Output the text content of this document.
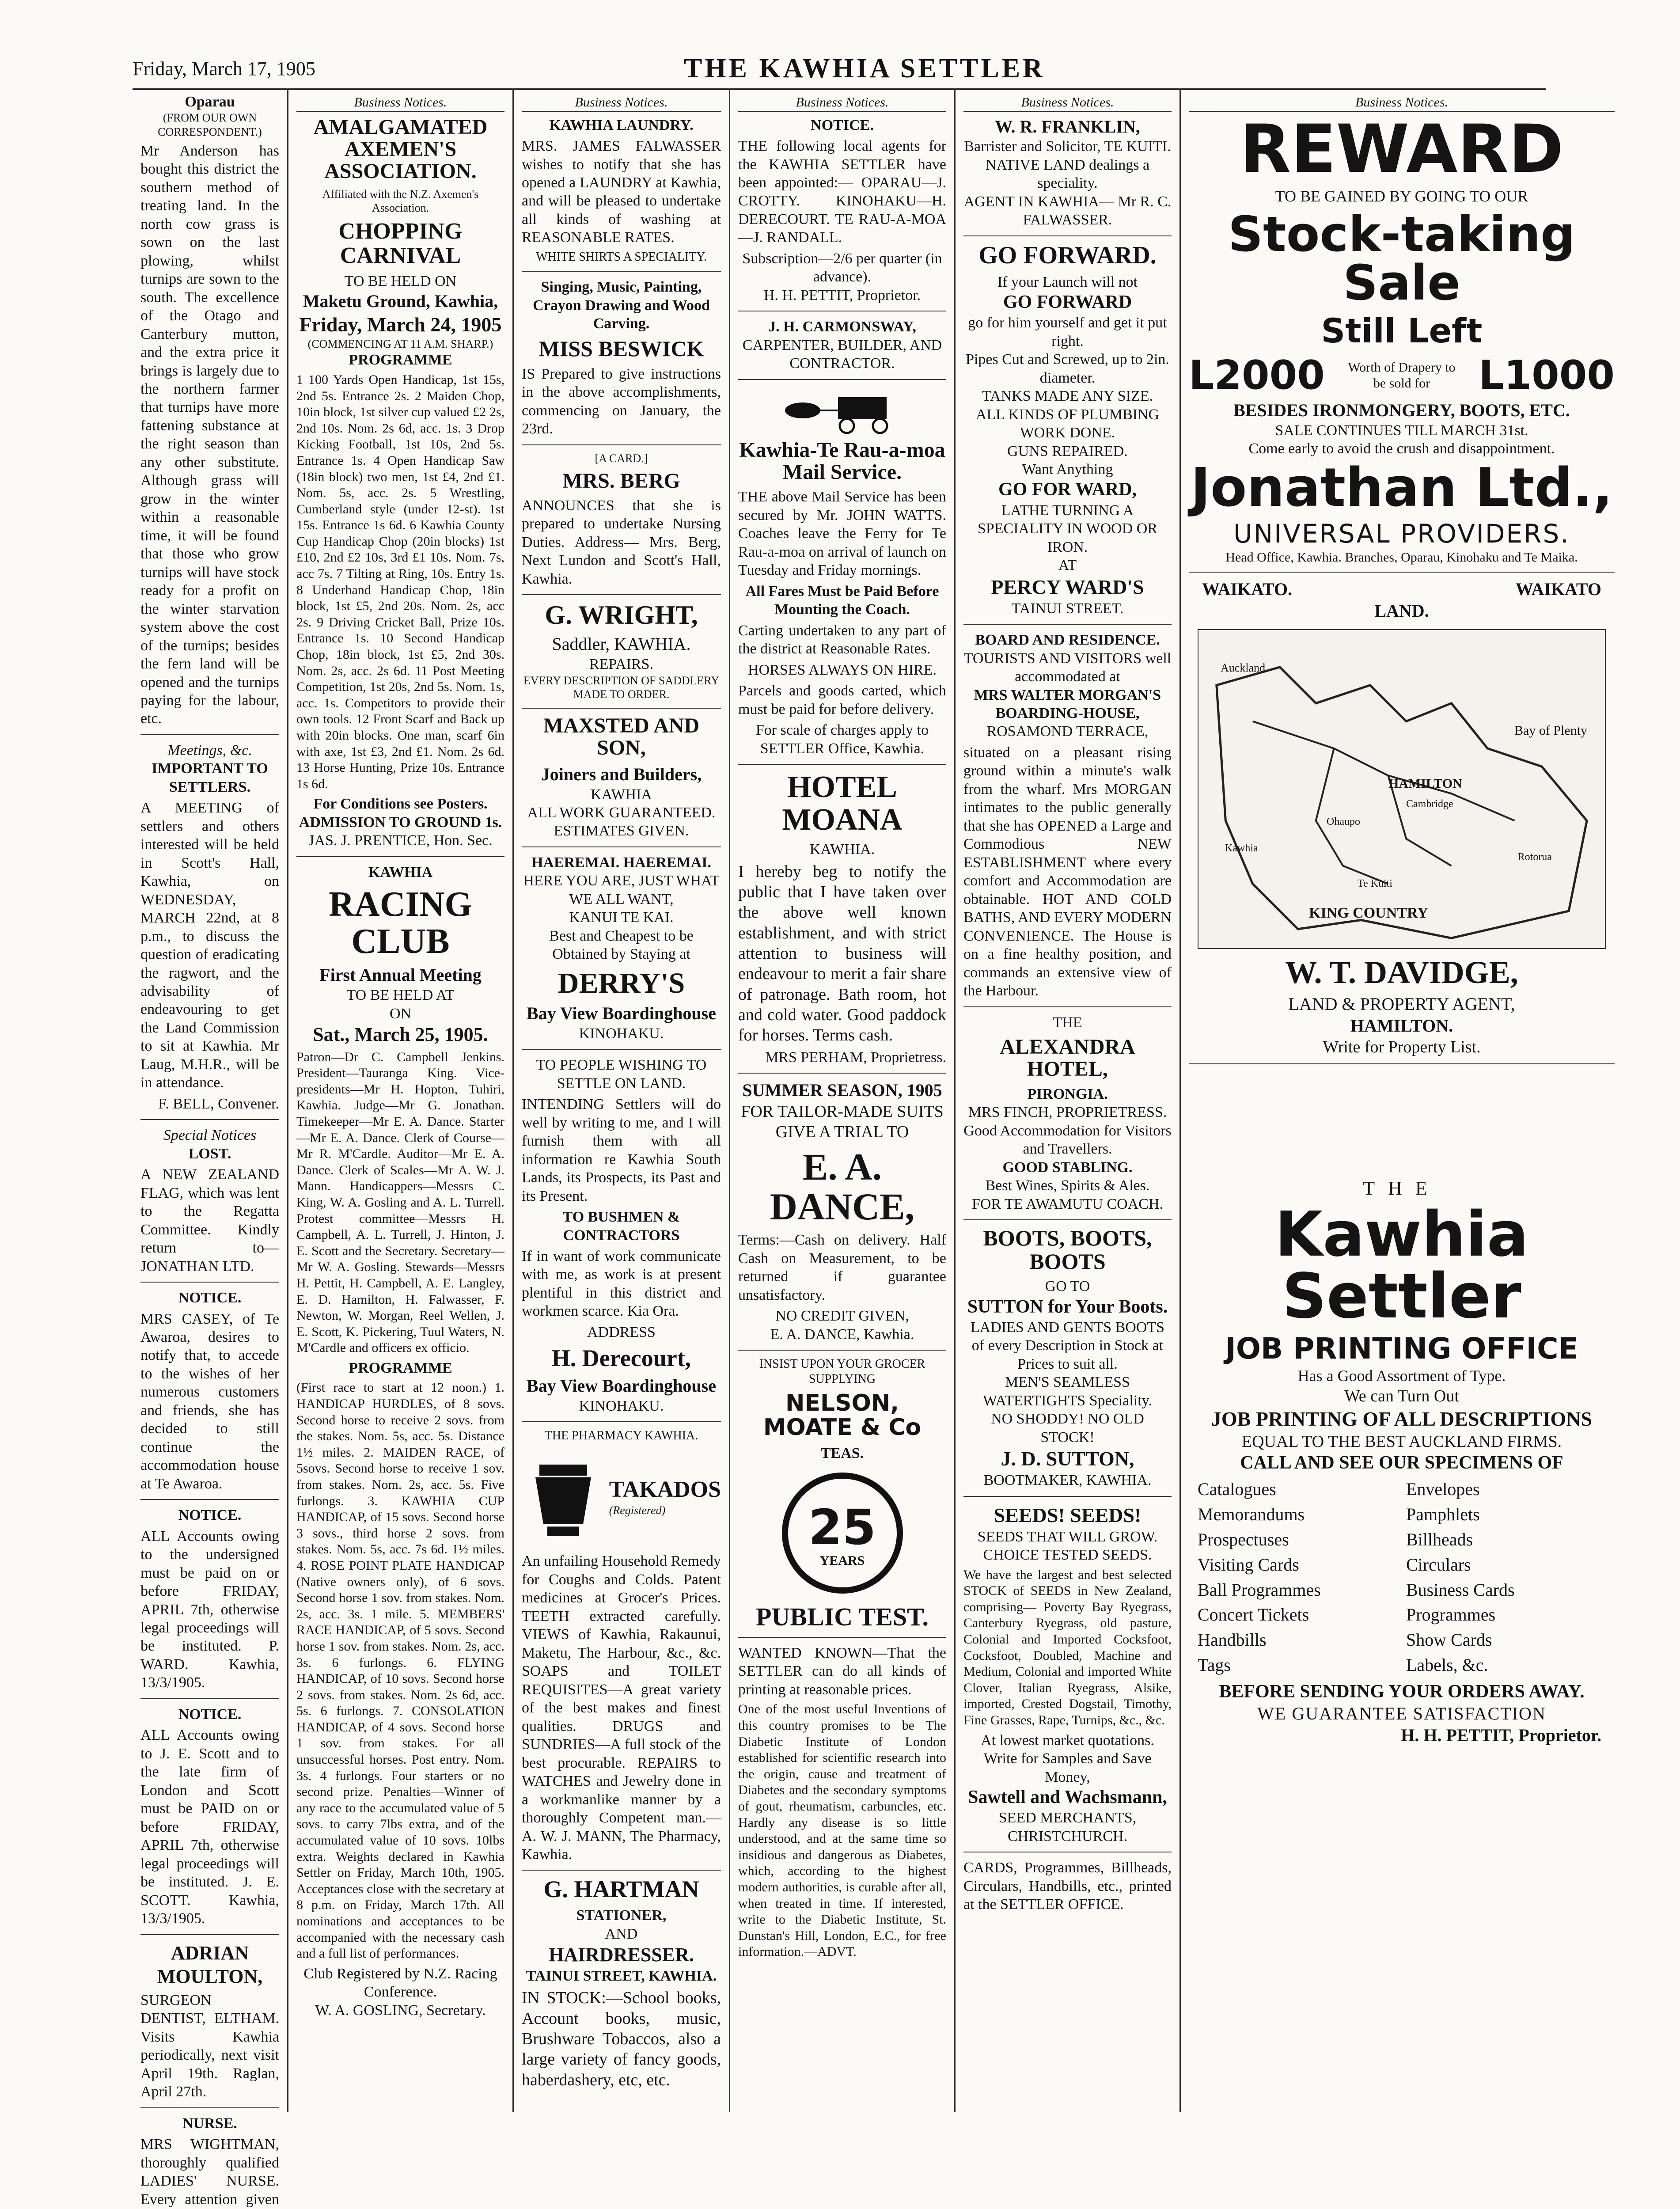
Friday, March 17, 1905	THE KAWHIA SETTLER
Oparau
(FROM OUR OWN CORRESPONDENT.)
Mr Anderson has bought this district the southern method of treating land. In the north cow grass is sown on the last plowing, whilst turnips are sown to the south. The excellence of the Otago and Canterbury mutton, and the extra price it brings is largely due to the northern farmer that turnips have more fattening substance at the right season than any other substitute. Although grass will grow in the winter within a reasonable time, it will be found that those who grow turnips will have stock ready for a profit on the winter starvation system above the cost of the turnips; besides the fern land will be opened and the turnips paying for the labour, etc.
Meetings, &c.
IMPORTANT TO SETTLERS.
A MEETING of settlers and others interested will be held in Scott's Hall, Kawhia, on WEDNESDAY, MARCH 22nd, at 8 p.m., to discuss the question of eradicating the ragwort, and the advisability of endeavouring to get the Land Commission to sit at Kawhia. Mr Laug, M.H.R., will be in attendance.
F. BELL, Convener.
Special Notices
LOST.
A NEW ZEALAND FLAG, which was lent to the Regatta Committee. Kindly return to— JONATHAN LTD.
NOTICE.
MRS CASEY, of Te Awaroa, desires to notify that, to accede to the wishes of her numerous customers and friends, she has decided to still continue the accommodation house at Te Awaroa.
NOTICE.
ALL Accounts owing to the undersigned must be paid on or before FRIDAY, APRIL 7th, otherwise legal proceedings will be instituted. P. WARD. Kawhia, 13/3/1905.
NOTICE.
ALL Accounts owing to J. E. Scott and to the late firm of London and Scott must be PAID on or before FRIDAY, APRIL 7th, otherwise legal proceedings will be instituted. J. E. SCOTT. Kawhia, 13/3/1905.
ADRIAN MOULTON,
SURGEON DENTIST, ELTHAM. Visits Kawhia periodically, next visit April 19th. Raglan, April 27th.
NURSE.
MRS WIGHTMAN, thoroughly qualified LADIES' NURSE. Every attention given
Business Notices.
AMALGAMATED AXEMEN'S ASSOCIATION.
Affiliated with the N.Z. Axemen's Association.
CHOPPING CARNIVAL
TO BE HELD ON
Maketu Ground, Kawhia,
Friday, March 24, 1905
(COMMENCING AT 11 A.M. SHARP.)
PROGRAMME
1 100 Yards Open Handicap, 1st 15s, 2nd 5s. Entrance 2s. 2 Maiden Chop, 10in block, 1st silver cup valued £2 2s, 2nd 10s. Nom. 2s 6d, acc. 1s. 3 Drop Kicking Football, 1st 10s, 2nd 5s. Entrance 1s. 4 Open Handicap Saw (18in block) two men, 1st £4, 2nd £1. Nom. 5s, acc. 2s. 5 Wrestling, Cumberland style (under 12-st). 1st 15s. Entrance 1s 6d. 6 Kawhia County Cup Handicap Chop (20in blocks) 1st £10, 2nd £2 10s, 3rd £1 10s. Nom. 7s, acc 7s. 7 Tilting at Ring, 10s. Entry 1s. 8 Underhand Handicap Chop, 18in block, 1st £5, 2nd 20s. Nom. 2s, acc 2s. 9 Driving Cricket Ball, Prize 10s. Entrance 1s. 10 Second Handicap Chop, 18in block, 1st £5, 2nd 30s. Nom. 2s, acc. 2s 6d. 11 Post Meeting Competition, 1st 20s, 2nd 5s. Nom. 1s, acc. 1s. Competitors to provide their own tools. 12 Front Scarf and Back up with 20in blocks. One man, scarf 6in with axe, 1st £3, 2nd £1. Nom. 2s 6d. 13 Horse Hunting, Prize 10s. Entrance 1s 6d.
For Conditions see Posters.
ADMISSION TO GROUND 1s.
JAS. J. PRENTICE, Hon. Sec.
KAWHIA
RACING CLUB
First Annual Meeting
TO BE HELD AT
ON
Sat., March 25, 1905.
Patron—Dr C. Campbell Jenkins. President—Tauranga King. Vice-presidents—Mr H. Hopton, Tuhiri, Kawhia. Judge—Mr G. Jonathan. Timekeeper—Mr E. A. Dance. Starter—Mr E. A. Dance. Clerk of Course—Mr R. M'Cardle. Auditor—Mr E. A. Dance. Clerk of Scales—Mr A. W. J. Mann. Handicappers—Messrs C. King, W. A. Gosling and A. L. Turrell. Protest committee—Messrs H. Campbell, A. L. Turrell, J. Hinton, J. E. Scott and the Secretary. Secretary—Mr W. A. Gosling. Stewards—Messrs H. Pettit, H. Campbell, A. E. Langley, E. D. Hamilton, H. Falwasser, F. Newton, W. Morgan, Reel Wellen, J. E. Scott, K. Pickering, Tuul Waters, N. M'Cardle and officers ex officio.
PROGRAMME
(First race to start at 12 noon.) 1. HANDICAP HURDLES, of 8 sovs. Second horse to receive 2 sovs. from the stakes. Nom. 5s, acc. 5s. Distance 1½ miles. 2. MAIDEN RACE, of 5sovs. Second horse to receive 1 sov. from stakes. Nom. 2s, acc. 5s. Five furlongs. 3. KAWHIA CUP HANDICAP, of 15 sovs. Second horse 3 sovs., third horse 2 sovs. from stakes. Nom. 5s, acc. 7s 6d. 1½ miles. 4. ROSE POINT PLATE HANDICAP (Native owners only), of 6 sovs. Second horse 1 sov. from stakes. Nom. 2s, acc. 3s. 1 mile. 5. MEMBERS' RACE HANDICAP, of 5 sovs. Second horse 1 sov. from stakes. Nom. 2s, acc. 3s. 6 furlongs. 6. FLYING HANDICAP, of 10 sovs. Second horse 2 sovs. from stakes. Nom. 2s 6d, acc. 5s. 6 furlongs. 7. CONSOLATION HANDICAP, of 4 sovs. Second horse 1 sov. from stakes. For all unsuccessful horses. Post entry. Nom. 3s. 4 furlongs. Four starters or no second prize. Penalties—Winner of any race to the accumulated value of 5 sovs. to carry 7lbs extra, and of the accumulated value of 10 sovs. 10lbs extra. Weights declared in Kawhia Settler on Friday, March 10th, 1905. Acceptances close with the secretary at 8 p.m. on Friday, March 17th. All nominations and acceptances to be accompanied with the necessary cash and a full list of performances.
Club Registered by N.Z. Racing Conference.
W. A. GOSLING, Secretary.
Business Notices.
KAWHIA LAUNDRY.
MRS. JAMES FALWASSER wishes to notify that she has opened a LAUNDRY at Kawhia, and will be pleased to undertake all kinds of washing at REASONABLE RATES.
WHITE SHIRTS A SPECIALITY.
Singing, Music, Painting, Crayon Drawing and Wood Carving.
MISS BESWICK
IS Prepared to give instructions in the above accomplishments, commencing on January, the 23rd.
[A CARD.]
MRS. BERG
ANNOUNCES that she is prepared to undertake Nursing Duties. Address— Mrs. Berg, Next Lundon and Scott's Hall, Kawhia.
G. WRIGHT,
Saddler, KAWHIA.
REPAIRS.
EVERY DESCRIPTION OF SADDLERY MADE TO ORDER.
MAXSTED AND SON,
Joiners and Builders,
KAWHIA
ALL WORK GUARANTEED.
ESTIMATES GIVEN.
HAEREMAI. HAEREMAI.
HERE YOU ARE, JUST WHAT WE ALL WANT,
KANUI TE KAI.
Best and Cheapest to be Obtained by Staying at
DERRY'S
Bay View Boardinghouse
KINOHAKU.
TO PEOPLE WISHING TO SETTLE ON LAND.
INTENDING Settlers will do well by writing to me, and I will furnish them with all information re Kawhia South Lands, its Prospects, its Past and its Present.
TO BUSHMEN & CONTRACTORS
If in want of work communicate with me, as work is at present plentiful in this district and workmen scarce. Kia Ora.
ADDRESS
H. Derecourt,
Bay View Boardinghouse
KINOHAKU.
THE PHARMACY KAWHIA.
TAKADOS
(Registered)
An unfailing Household Remedy for Coughs and Colds. Patent medicines at Grocer's Prices. TEETH extracted carefully. VIEWS of Kawhia, Rakaunui, Maketu, The Harbour, &c., &c. SOAPS and TOILET REQUISITES—A great variety of the best makes and finest qualities. DRUGS and SUNDRIES—A full stock of the best procurable. REPAIRS to WATCHES and Jewelry done in a workmanlike manner by a thoroughly Competent man.— A. W. J. MANN, The Pharmacy, Kawhia.
G. HARTMAN
STATIONER,
AND
HAIRDRESSER.
TAINUI STREET, KAWHIA.
IN STOCK:—School books, Account books, music, Brushware Tobaccos, also a large variety of fancy goods, haberdashery, etc, etc.
Business Notices.
NOTICE.
THE following local agents for the KAWHIA SETTLER have been appointed:— OPARAU—J. CROTTY. KINOHAKU—H. DERECOURT. TE RAU-A-MOA—J. RANDALL.
Subscription—2/6 per quarter (in advance).
H. H. PETTIT, Proprietor.
J. H. CARMONSWAY,
CARPENTER, BUILDER, AND CONTRACTOR.
Kawhia-Te Rau-a-moa Mail Service.
THE above Mail Service has been secured by Mr. JOHN WATTS. Coaches leave the Ferry for Te Rau-a-moa on arrival of launch on Tuesday and Friday mornings.
All Fares Must be Paid Before Mounting the Coach.
Carting undertaken to any part of the district at Reasonable Rates.
HORSES ALWAYS ON HIRE.
Parcels and goods carted, which must be paid for before delivery.
For scale of charges apply to SETTLER Office, Kawhia.
HOTEL MOANA
KAWHIA.
I hereby beg to notify the public that I have taken over the above well known establishment, and with strict attention to business will endeavour to merit a fair share of patronage. Bath room, hot and cold water. Good paddock for horses. Terms cash.
MRS PERHAM, Proprietress.
SUMMER SEASON, 1905
FOR TAILOR-MADE SUITS GIVE A TRIAL TO
E. A. DANCE,
Terms:—Cash on delivery. Half Cash on Measurement, to be returned if guarantee unsatisfactory.
NO CREDIT GIVEN,
E. A. DANCE, Kawhia.
INSIST UPON YOUR GROCER SUPPLYING
NELSON, MOATE & Co
TEAS.
25
YEARS
PUBLIC TEST.
WANTED KNOWN—That the SETTLER can do all kinds of printing at reasonable prices.
One of the most useful Inventions of this country promises to be The Diabetic Institute of London established for scientific research into the origin, cause and treatment of Diabetes and the secondary symptoms of gout, rheumatism, carbuncles, etc. Hardly any disease is so little understood, and at the same time so insidious and dangerous as Diabetes, which, according to the highest modern authorities, is curable after all, when treated in time. If interested, write to the Diabetic Institute, St. Dunstan's Hill, London, E.C., for free information.—ADVT.
Business Notices.
W. R. FRANKLIN,
Barrister and Solicitor, TE KUITI.
NATIVE LAND dealings a speciality.
AGENT IN KAWHIA— Mr R. C. FALWASSER.
GO FORWARD.
If your Launch will not
GO FORWARD
go for him yourself and get it put right.
Pipes Cut and Screwed, up to 2in. diameter.
TANKS MADE ANY SIZE.
ALL KINDS OF PLUMBING WORK DONE.
GUNS REPAIRED.
Want Anything
GO FOR WARD,
LATHE TURNING A SPECIALITY IN WOOD OR IRON.
AT
PERCY WARD'S
TAINUI STREET.
BOARD AND RESIDENCE.
TOURISTS AND VISITORS well accommodated at
MRS WALTER MORGAN'S
BOARDING-HOUSE,
ROSAMOND TERRACE,
situated on a pleasant rising ground within a minute's walk from the wharf. Mrs MORGAN intimates to the public generally that she has OPENED a Large and Commodious NEW ESTABLISHMENT where every comfort and Accommodation are obtainable. HOT AND COLD BATHS, AND EVERY MODERN CONVENIENCE. The House is on a fine healthy position, and commands an extensive view of the Harbour.
THE
ALEXANDRA HOTEL,
PIRONGIA.
MRS FINCH, PROPRIETRESS.
Good Accommodation for Visitors and Travellers.
GOOD STABLING.
Best Wines, Spirits & Ales.
FOR TE AWAMUTU COACH.
BOOTS, BOOTS, BOOTS
GO TO
SUTTON for Your Boots.
LADIES AND GENTS BOOTS of every Description in Stock at Prices to suit all.
MEN'S SEAMLESS WATERTIGHTS Speciality.
NO SHODDY! NO OLD STOCK!
J. D. SUTTON,
BOOTMAKER, KAWHIA.
SEEDS! SEEDS!
SEEDS THAT WILL GROW.
CHOICE TESTED SEEDS.
We have the largest and best selected STOCK of SEEDS in New Zealand, comprising— Poverty Bay Ryegrass, Canterbury Ryegrass, old pasture, Colonial and Imported Cocksfoot, Cocksfoot, Doubled, Machine and Medium, Colonial and imported White Clover, Italian Ryegrass, Alsike, imported, Crested Dogstail, Timothy, Fine Grasses, Rape, Turnips, &c., &c.
At lowest market quotations.
Write for Samples and Save Money,
Sawtell and Wachsmann,
SEED MERCHANTS,
CHRISTCHURCH.
CARDS, Programmes, Billheads, Circulars, Handbills, etc., printed at the SETTLER OFFICE.
Business Notices.
REWARD
TO BE GAINED BY GOING TO OUR
Stock-taking Sale
Still Left
L2000 Worth of Drapery to be sold for	L1000
BESIDES IRONMONGERY, BOOTS, ETC.
SALE CONTINUES TILL MARCH 31st.
Come early to avoid the crush and disappointment.
Jonathan Ltd.,
UNIVERSAL PROVIDERS.
Head Office, Kawhia. Branches, Oparau, Kinohaku and Te Maika.
WAIKATO.	WAIKATO
LAND.
Auckland
Bay of Plenty
HAMILTON
Cambridge
Ohaupo
Kawhia
Te Kuiti
Rotorua
KING COUNTRY
W. T. DAVIDGE,
LAND & PROPERTY AGENT,
HAMILTON.
Write for Property List.
THE
Kawhia Settler
JOB PRINTING OFFICE
Has a Good Assortment of Type.
We can Turn Out
JOB PRINTING OF ALL DESCRIPTIONS
EQUAL TO THE BEST AUCKLAND FIRMS.
CALL AND SEE OUR SPECIMENS OF
Catalogues	Envelopes
Memorandums	Pamphlets
Prospectuses	Billheads
Visiting Cards	Circulars
Ball Programmes	Business Cards
Concert Tickets	Programmes
Handbills	Show Cards
Tags	Labels, &c.
BEFORE SENDING YOUR ORDERS AWAY.
WE GUARANTEE SATISFACTION
H. H. PETTIT, Proprietor.
